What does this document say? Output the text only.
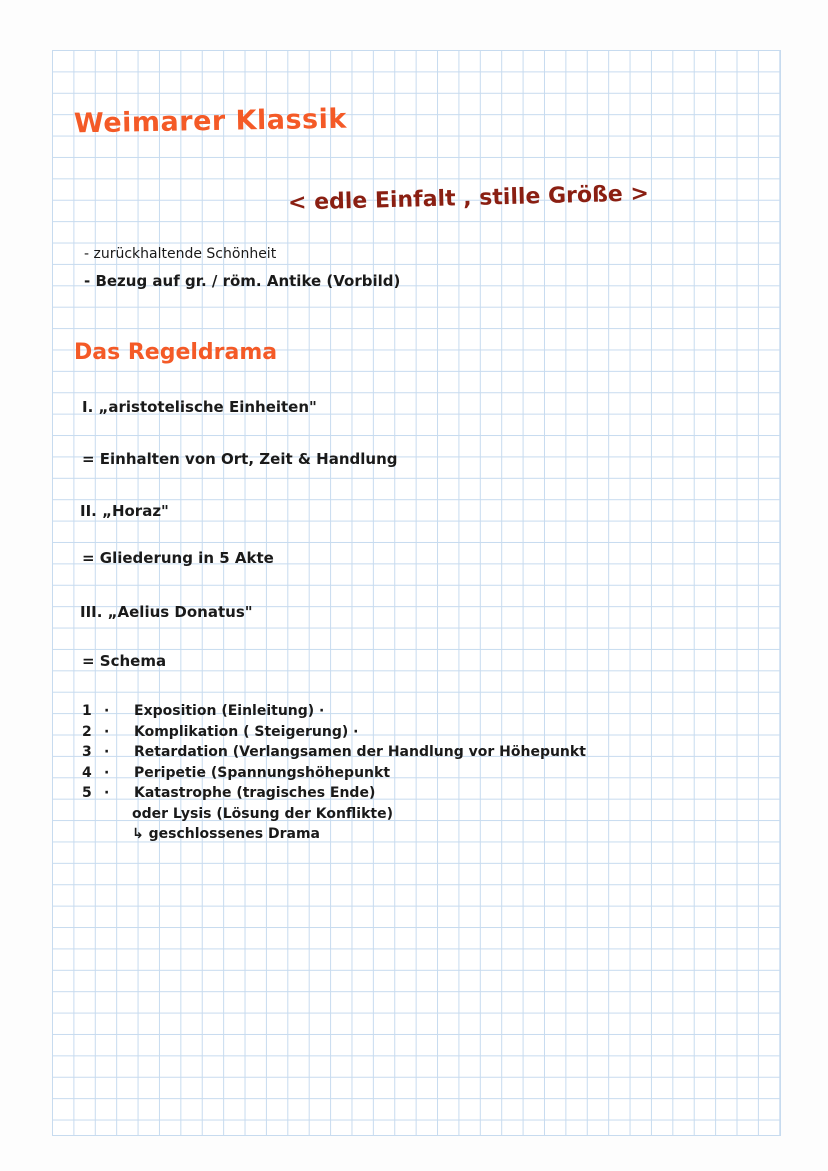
Weimarer Klassik
< edle Einfalt , stille Größe >
- zurückhaltende Schönheit
- Bezug auf gr. / röm. Antike (Vorbild)
Das Regeldrama
I. „aristotelische Einheiten"
= Einhalten von Ort, Zeit & Handlung
II. „Horaz"
= Gliederung in 5 Akte
III. „Aelius Donatus"
= Schema
1 · Exposition (Einleitung) ·
2 · Komplikation ( Steigerung) ·
3 · Retardation (Verlangsamen der Handlung vor Höhepunkt
4 · Peripetie (Spannungshöhepunkt
5 · Katastrophe (tragisches Ende)
oder Lysis (Lösung der Konflikte)
↳ geschlossenes Drama
